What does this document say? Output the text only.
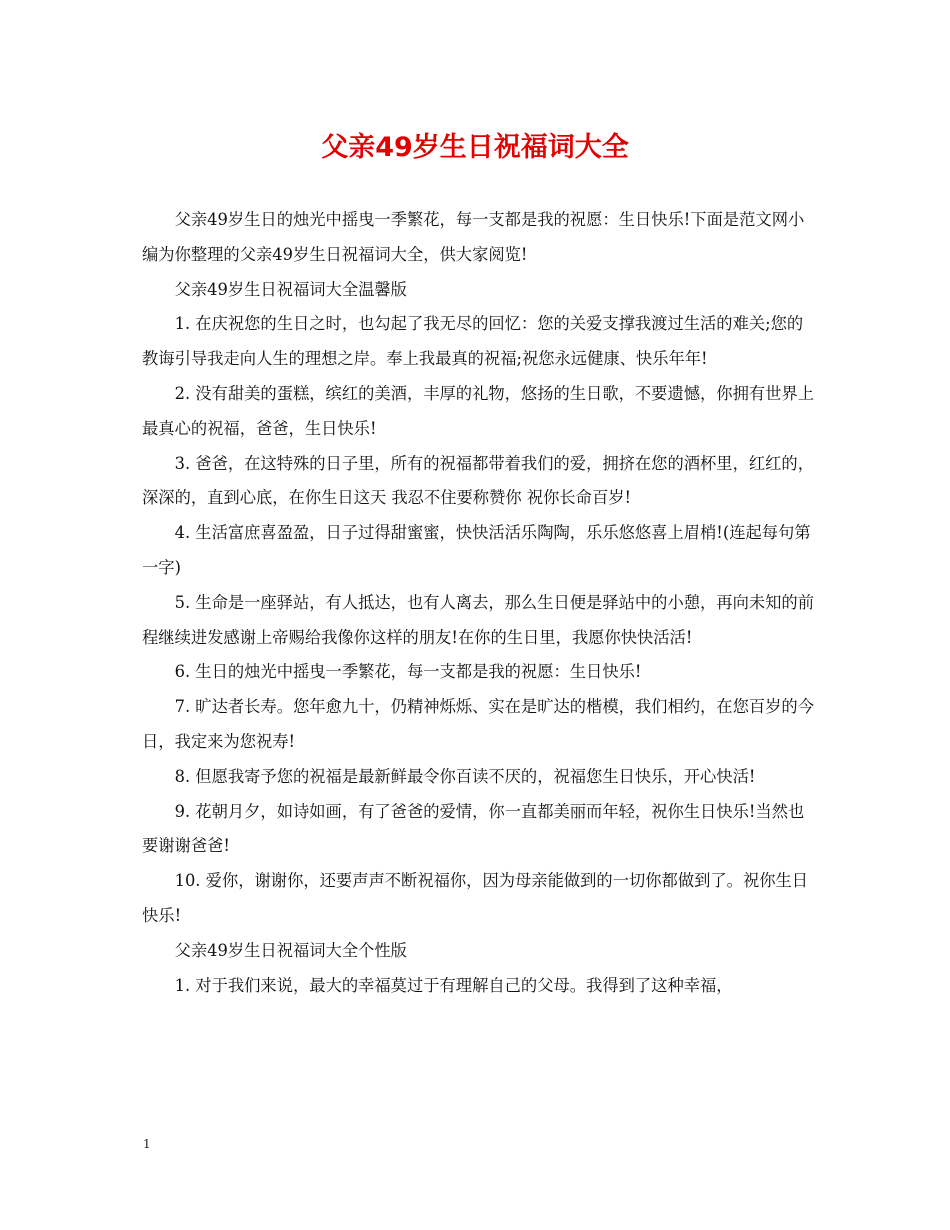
父亲49岁生日祝福词大全

父亲49岁生日的烛光中摇曳一季繁花，每一支都是我的祝愿：生日快乐!下面是范文网小编为你整理的父亲49岁生日祝福词大全，供大家阅览!

父亲49岁生日祝福词大全温馨版

1. 在庆祝您的生日之时，也勾起了我无尽的回忆：您的关爱支撑我渡过生活的难关;您的教诲引导我走向人生的理想之岸。奉上我最真的祝福;祝您永远健康、快乐年年!

2. 没有甜美的蛋糕，缤红的美酒，丰厚的礼物，悠扬的生日歌，不要遗憾，你拥有世界上最真心的祝福，爸爸，生日快乐!

3. 爸爸，在这特殊的日子里，所有的祝福都带着我们的爱，拥挤在您的酒杯里，红红的，深深的，直到心底，在你生日这天 我忍不住要称赞你 祝你长命百岁!

4. 生活富庶喜盈盈，日子过得甜蜜蜜，快快活活乐陶陶，乐乐悠悠喜上眉梢!(连起每句第一字)

5. 生命是一座驿站，有人抵达，也有人离去，那么生日便是驿站中的小憩，再向未知的前程继续进发感谢上帝赐给我像你这样的朋友!在你的生日里，我愿你快快活活!

6. 生日的烛光中摇曳一季繁花，每一支都是我的祝愿：生日快乐!

7. 旷达者长寿。您年愈九十，仍精神烁烁、实在是旷达的楷模，我们相约，在您百岁的今日，我定来为您祝寿!

8. 但愿我寄予您的祝福是最新鲜最令你百读不厌的，祝福您生日快乐，开心快活!

9. 花朝月夕，如诗如画，有了爸爸的爱情，你一直都美丽而年轻，祝你生日快乐!当然也要谢谢爸爸!

10. 爱你，谢谢你，还要声声不断祝福你，因为母亲能做到的一切你都做到了。祝你生日快乐!

父亲49岁生日祝福词大全个性版

1. 对于我们来说，最大的幸福莫过于有理解自己的父母。我得到了这种幸福，

1
